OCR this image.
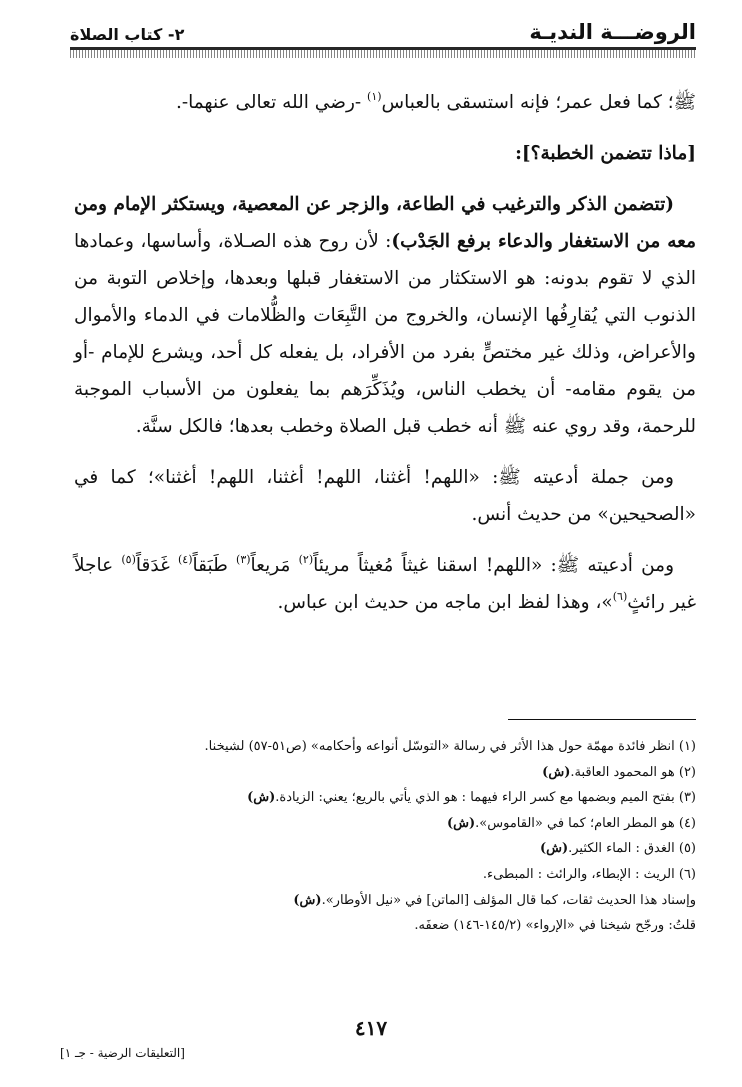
الروضـــة النديـة
٢- كتاب الصلاة

ﷺ؛ كما فعل عمر؛ فإنه استسقى بالعباس$^{(١)}$ -رضي الله تعالى عنهما-.

[ماذا تتضمن الخطبة؟]:

(تتضمن الذكر والترغيب في الطاعة، والزجر عن المعصية، ويستكثر الإمام ومن معه من الاستغفار والدعاء برفع الجَدْب): لأن روح هذه الصـلاة، وأساسها، وعمادها الذي لا تقوم بدونه: هو الاستكثار من الاستغفار قبلها وبعدها، وإخلاص التوبة من الذنوب التي يُقارِفُها الإنسان، والخروج من التَّبِعَات والظُّلامات في الدماء والأموال والأعراض، وذلك غير مختصٍّ بفرد من الأفراد، بل يفعله كل أحد، ويشرع للإمام -أو من يقوم مقامه- أن يخطب الناس، ويُذَكِّرَهم بما يفعلون من الأسباب الموجبة للرحمة، وقد روي عنه ﷺ أنه خطب قبل الصلاة وخطب بعدها؛ فالكل سنَّة.

ومن جملة أدعيته ﷺ: «اللهم! أغثنا، اللهم! أغثنا، اللهم! أغثنا»؛ كما في «الصحيحين» من حديث أنس.

ومن أدعيته ﷺ: «اللهم! اسقنا غيثاً مُغيثاً مريئاً$^{(٢)}$ مَريعاً$^{(٣)}$ طَبَقاً$^{(٤)}$ غَدَقاً$^{(٥)}$ عاجلاً غير رائثٍ$^{(٦)}$»، وهذا لفظ ابن ماجه من حديث ابن عباس.

(١) انظر فائدة مهمّة حول هذا الأثر في رسالة «التوسّل أنواعه وأحكامه» (ص٥١-٥٧) لشيخنا.

(٢) هو المحمود العاقبة.(ش)

(٣) بفتح الميم وبضمها مع كسر الراء فيهما : هو الذي يأتي بالريع؛ يعني: الزيادة.(ش)

(٤) هو المطر العام؛ كما في «القاموس».(ش)

(٥) الغدق : الماء الكثير.(ش)

(٦) الريث : الإبطاء، والرائث : المبطىء.

وإسناد هذا الحديث ثقات، كما قال المؤلف [الماتن] في «نيل الأوطار».(ش)

قلتُ: ورجّح شيخنا في «الإرواء» (١٤٥/٢-١٤٦) ضعفَه.

٤١٧
[التعليقات الرضية - جـ ١]
